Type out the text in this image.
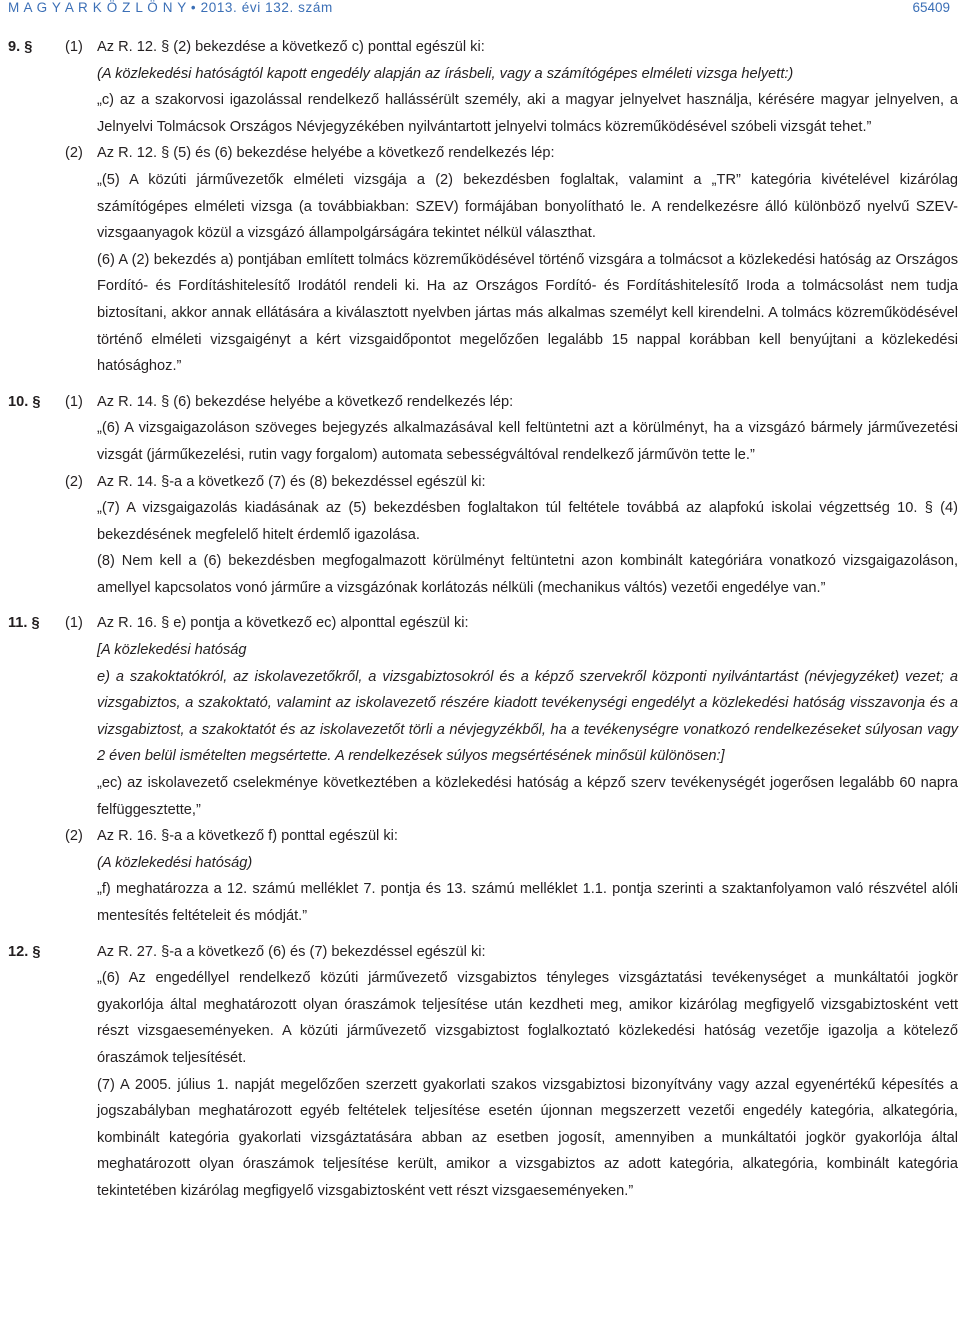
M A G Y A R K Ö Z L Ö N Y • 2013. évi 132. szám	65409
9. §	(1) Az R. 12. § (2) bekezdése a következő c) ponttal egészül ki:
(A közlekedési hatóságtól kapott engedély alapján az írásbeli, vagy a számítógépes elméleti vizsga helyett:)
„c) az a szakorvosi igazolással rendelkező hallássérült személy, aki a magyar jelnyelvet használja, kérésére magyar jelnyelven, a Jelnyelvi Tolmácsok Országos Névjegyzékében nyilvántartott jelnyelvi tolmács közreműködésével szóbeli vizsgát tehet.”
(2) Az R. 12. § (5) és (6) bekezdése helyébe a következő rendelkezés lép:
„(5) A közúti járművezetők elméleti vizsgája a (2) bekezdésben foglaltak, valamint a „TR” kategória kivételével kizárólag számítógépes elméleti vizsga (a továbbiakban: SZEV) formájában bonyolítható le. A rendelkezésre álló különböző nyelvű SZEV-vizsgaanyagok közül a vizsgázó állampolgárságára tekintet nélkül választhat.
(6) A (2) bekezdés a) pontjában említett tolmács közreműködésével történő vizsgára a tolmácsot a közlekedési hatóság az Országos Fordító- és Fordításhitelesítő Irodától rendeli ki. Ha az Országos Fordító- és Fordításhitelesítő Iroda a tolmácsolást nem tudja biztosítani, akkor annak ellátására a kiválasztott nyelvben jártas más alkalmas személyt kell kirendelni. A tolmács közreműködésével történő elméleti vizsgaigényt a kért vizsgaidőpontot megelőzően legalább 15 nappal korábban kell benyújtani a közlekedési hatósághoz.”
10. §	(1) Az R. 14. § (6) bekezdése helyébe a következő rendelkezés lép:
„(6) A vizsgaigazoláson szöveges bejegyzés alkalmazásával kell feltüntetni azt a körülményt, ha a vizsgázó bármely járművezetési vizsgát (járműkezelési, rutin vagy forgalom) automata sebességváltóval rendelkező járművön tette le.”
(2) Az R. 14. §-a a következő (7) és (8) bekezdéssel egészül ki:
„(7) A vizsgaigazolás kiadásának az (5) bekezdésben foglaltakon túl feltétele továbbá az alapfokú iskolai végzettség 10. § (4) bekezdésének megfelelő hitelt érdemlő igazolása.
(8) Nem kell a (6) bekezdésben megfogalmazott körülményt feltüntetni azon kombinált kategóriára vonatkozó vizsgaigazoláson, amellyel kapcsolatos vonó járműre a vizsgázónak korlátozás nélküli (mechanikus váltós) vezetői engedélye van.”
11. §	(1) Az R. 16. § e) pontja a következő ec) alponttal egészül ki:
[A közlekedési hatóság
e) a szakoktatókról, az iskolavezetőkről, a vizsgabiztosokról és a képző szervekről központi nyilvántartást (névjegyzéket) vezet; a vizsgabiztos, a szakoktató, valamint az iskolavezető részére kiadott tevékenységi engedélyt a közlekedési hatóság visszavonja és a vizsgabiztost, a szakoktatót és az iskolavezetőt törli a névjegyzékből, ha a tevékenységre vonatkozó rendelkezéseket súlyosan vagy 2 éven belül ismételten megsértette. A rendelkezések súlyos megsértésének minősül különösen:]
„ec) az iskolavezető cselekménye következtében a közlekedési hatóság a képző szerv tevékenységét jogerősen legalább 60 napra felfüggesztette,”
(2) Az R. 16. §-a a következő f) ponttal egészül ki:
(A közlekedési hatóság)
„f) meghatározza a 12. számú melléklet 7. pontja és 13. számú melléklet 1.1. pontja szerinti a szaktanfolyamon való részvétel alóli mentesítés feltételeit és módját.”
12. §	Az R. 27. §-a a következő (6) és (7) bekezdéssel egészül ki:
„(6) Az engedéllyel rendelkező közúti járművezető vizsgabiztos tényleges vizsgáztatási tevékenységet a munkáltatói jogkör gyakorlója által meghatározott olyan óraszámok teljesítése után kezdheti meg, amikor kizárólag megfigyelő vizsgabiztosként vett részt vizsgaeseményeken. A közúti járművezető vizsgabiztost foglalkoztató közlekedési hatóság vezetője igazolja a kötelező óraszámok teljesítését.
(7) A 2005. július 1. napját megelőzően szerzett gyakorlati szakos vizsgabiztosi bizonyítvány vagy azzal egyenértékű képesítés a jogszabályban meghatározott egyéb feltételek teljesítése esetén újonnan megszerzett vezetői engedély kategória, alkategória, kombinált kategória gyakorlati vizsgáztatására abban az esetben jogosít, amennyiben a munkáltatói jogkör gyakorlója által meghatározott olyan óraszámok teljesítése került, amikor a vizsgabiztos az adott kategória, alkategória, kombinált kategória tekintetében kizárólag megfigyelő vizsgabiztosként vett részt vizsgaeseményeken.”
